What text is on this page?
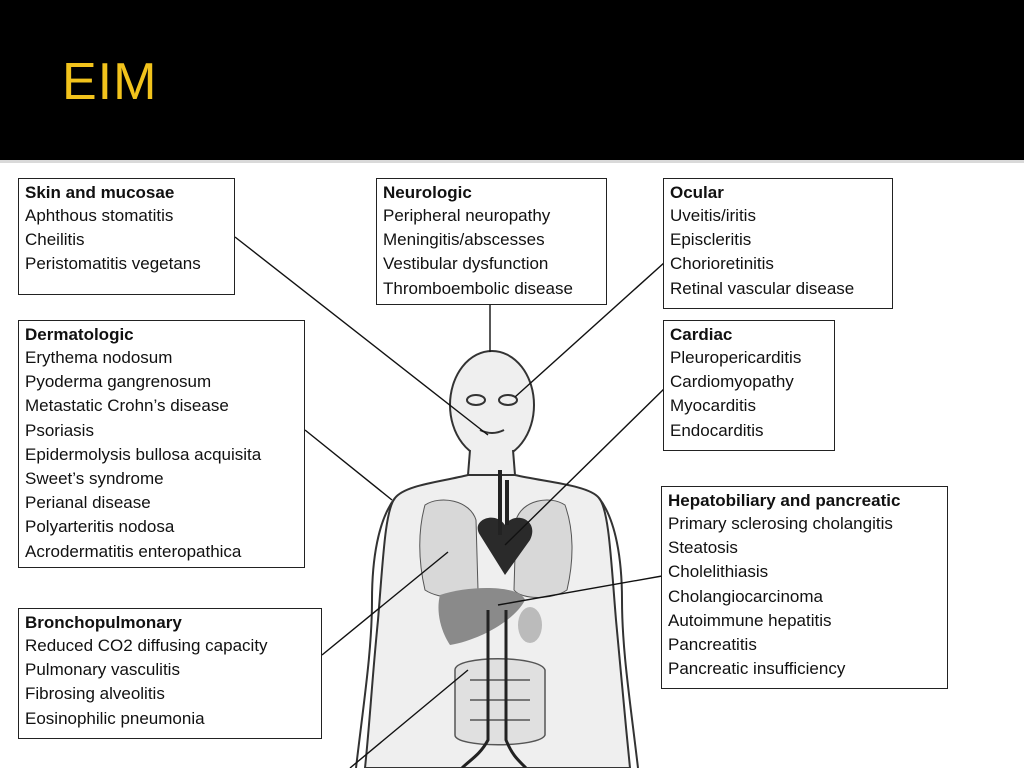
EIM
Skin and mucosae
Aphthous stomatitis
Cheilitis
Peristomatitis vegetans
Neurologic
Peripheral neuropathy
Meningitis/abscesses
Vestibular dysfunction
Thromboembolic disease
Ocular
Uveitis/iritis
Episcleritis
Chorioretinitis
Retinal vascular disease
Dermatologic
Erythema nodosum
Pyoderma gangrenosum
Metastatic Crohn’s disease
Psoriasis
Epidermolysis bullosa acquisita
Sweet’s syndrome
Perianal disease
Polyarteritis nodosa
Acrodermatitis enteropathica
Cardiac
Pleuropericarditis
Cardiomyopathy
Myocarditis
Endocarditis
Hepatobiliary and pancreatic
Primary sclerosing cholangitis
Steatosis
Cholelithiasis
Cholangiocarcinoma
Autoimmune hepatitis
Pancreatitis
Pancreatic insufficiency
Bronchopulmonary
Reduced CO2 diffusing capacity
Pulmonary vasculitis
Fibrosing alveolitis
Eosinophilic pneumonia
